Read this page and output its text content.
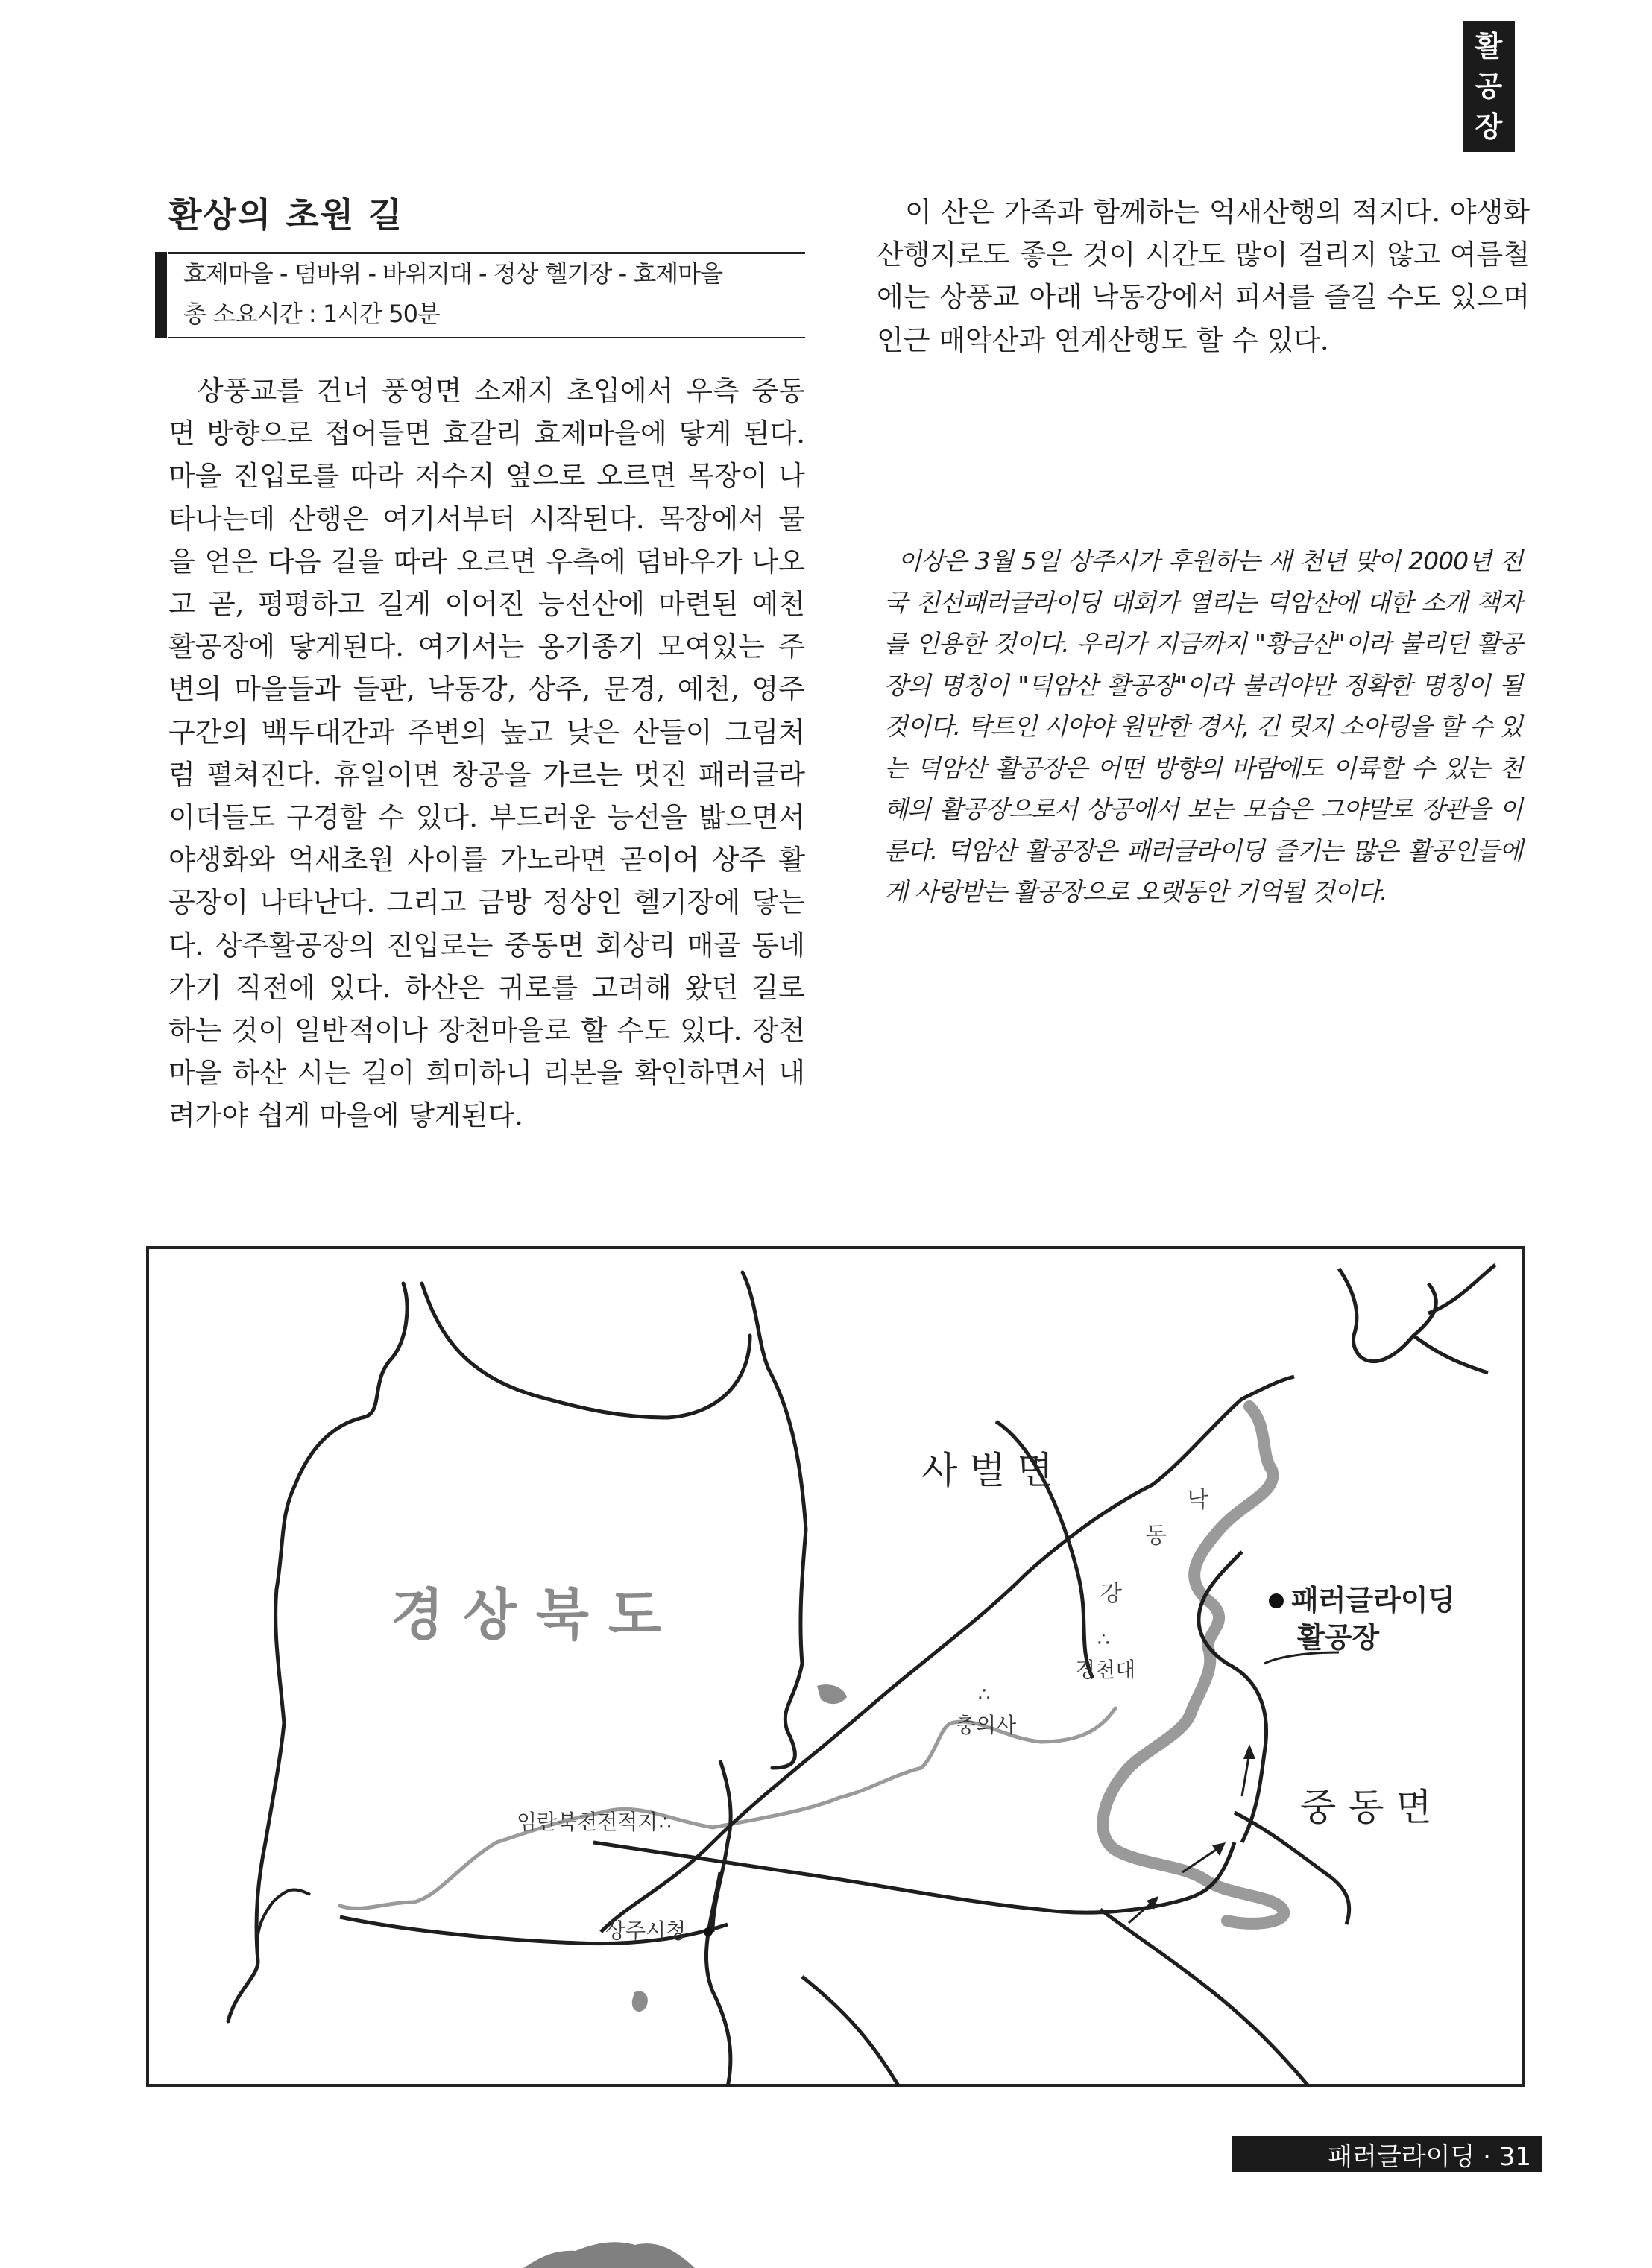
활
공
장
환상의 초원 길
효제마을 - 덤바위 - 바위지대 - 정상 헬기장 - 효제마을
총 소요시간 : 1시간 50분

상풍교를 건너 풍영면 소재지 초입에서 우측 중동면 방향으로 접어들면 효갈리 효제마을에 닿게 된다. 마을 진입로를 따라 저수지 옆으로 오르면 목장이 나타나는데 산행은 여기서부터 시작된다. 목장에서 물을 얻은 다음 길을 따라 오르면 우측에 덤바우가 나오고 곧, 평평하고 길게 이어진 능선산에 마련된 예천 활공장에 닿게된다. 여기서는 옹기종기 모여있는 주변의 마을들과 들판, 낙동강, 상주, 문경, 예천, 영주 구간의 백두대간과 주변의 높고 낮은 산들이 그림처럼 펼쳐진다. 휴일이면 창공을 가르는 멋진 패러글라이더들도 구경할 수 있다. 부드러운 능선을 밟으면서 야생화와 억새초원 사이를 가노라면 곧이어 상주 활공장이 나타난다. 그리고 금방 정상인 헬기장에 닿는다. 상주활공장의 진입로는 중동면 회상리 매골 동네 가기 직전에 있다. 하산은 귀로를 고려해 왔던 길로 하는 것이 일반적이나 장천마을로 할 수도 있다. 장천마을 하산 시는 길이 희미하니 리본을 확인하면서 내려가야 쉽게 마을에 닿게된다.

이 산은 가족과 함께하는 억새산행의 적지다. 야생화 산행지로도 좋은 것이 시간도 많이 걸리지 않고 여름철에는 상풍교 아래 낙동강에서 피서를 즐길 수도 있으며 인근 매악산과 연계산행도 할 수 있다.

이상은 3월 5일 상주시가 후원하는 새 천년 맞이 2000년 전국 친선패러글라이딩 대회가 열리는 덕암산에 대한 소개 책자를 인용한 것이다. 우리가 지금까지 "황금산"이라 불리던 활공장의 명칭이 "덕암산 활공장"이라 불려야만 정확한 명칭이 될 것이다. 탁트인 시야야 원만한 경사, 긴 릿지 소아링을 할 수 있는 덕암산 활공장은 어떤 방향의 바람에도 이륙할 수 있는 천혜의 활공장으로서 상공에서 보는 모습은 그야말로 장관을 이룬다. 덕암산 활공장은 패러글라이딩 즐기는 많은 활공인들에게 사랑받는 활공장으로 오랫동안 기억될 것이다.

경 상 북 도
사 벌 면
중 동 면
낙
동
강	패러글라이딩
활공장
∴
경천대
∴
충의사
임란북천전적지 ∴
상주시청
패러글라이딩 · 31
